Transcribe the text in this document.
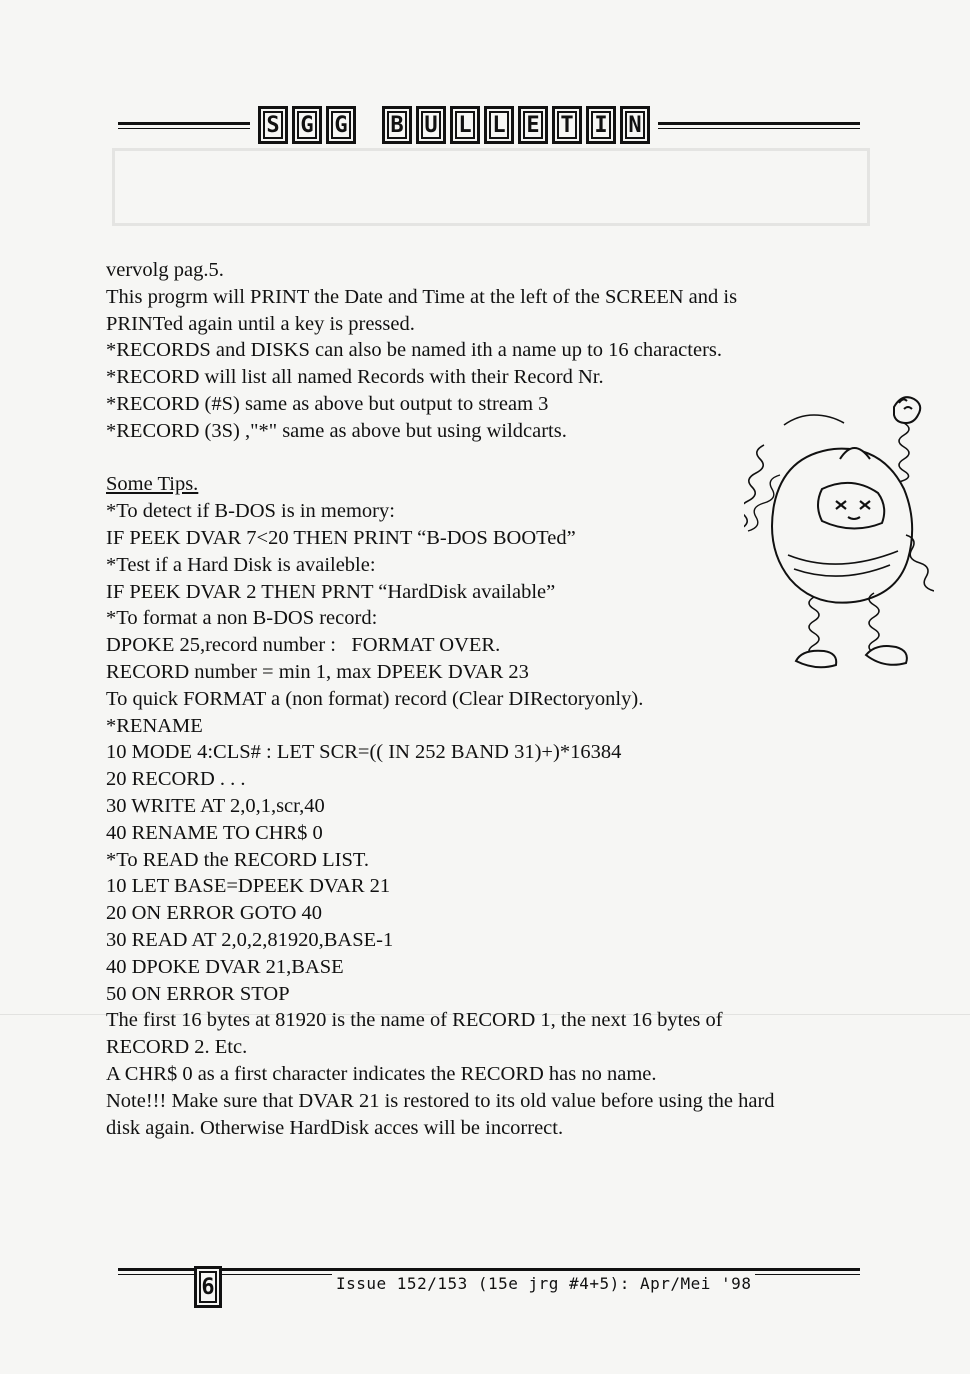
S G G	B U L L E T I N
vervolg pag.5.
This progrm will PRINT the Date and Time at the left of the SCREEN and is
PRINTed again until a key is pressed.
*RECORDS and DISKS can also be named ith a name up to 16 characters.
*RECORD will list all named Records with their Record Nr.
*RECORD (#S) same as above but output to stream 3
*RECORD (3S) ,"*" same as above but using wildcarts.
Some Tips.
*To detect if B-DOS is in memory:
IF PEEK DVAR 7<20 THEN PRINT “B-DOS BOOTed”
*Test if a Hard Disk is availeble:
IF PEEK DVAR 2 THEN PRNT “HardDisk available”
*To format a non B-DOS record:
DPOKE 25,record number :   FORMAT OVER.
RECORD number = min 1, max DPEEK DVAR 23
To quick FORMAT a (non format) record (Clear DIRectoryonly).
*RENAME
10 MODE 4:CLS# : LET SCR=(( IN 252 BAND 31)+)*16384
20 RECORD . . .
30 WRITE AT 2,0,1,scr,40
40 RENAME TO CHR$ 0
*To READ the RECORD LIST.
10 LET BASE=DPEEK DVAR 21
20 ON ERROR GOTO 40
30 READ AT 2,0,2,81920,BASE-1
40 DPOKE DVAR 21,BASE
50 ON ERROR STOP
The first 16 bytes at 81920 is the name of RECORD 1, the next 16 bytes of
RECORD 2. Etc.
A CHR$ 0 as a first character indicates the RECORD has no name.
Note!!! Make sure that DVAR 21 is restored to its old value before using the hard
disk again. Otherwise HardDisk acces will be incorrect.
6	Issue 152/153 (15e jrg #4+5): Apr/Mei '98
